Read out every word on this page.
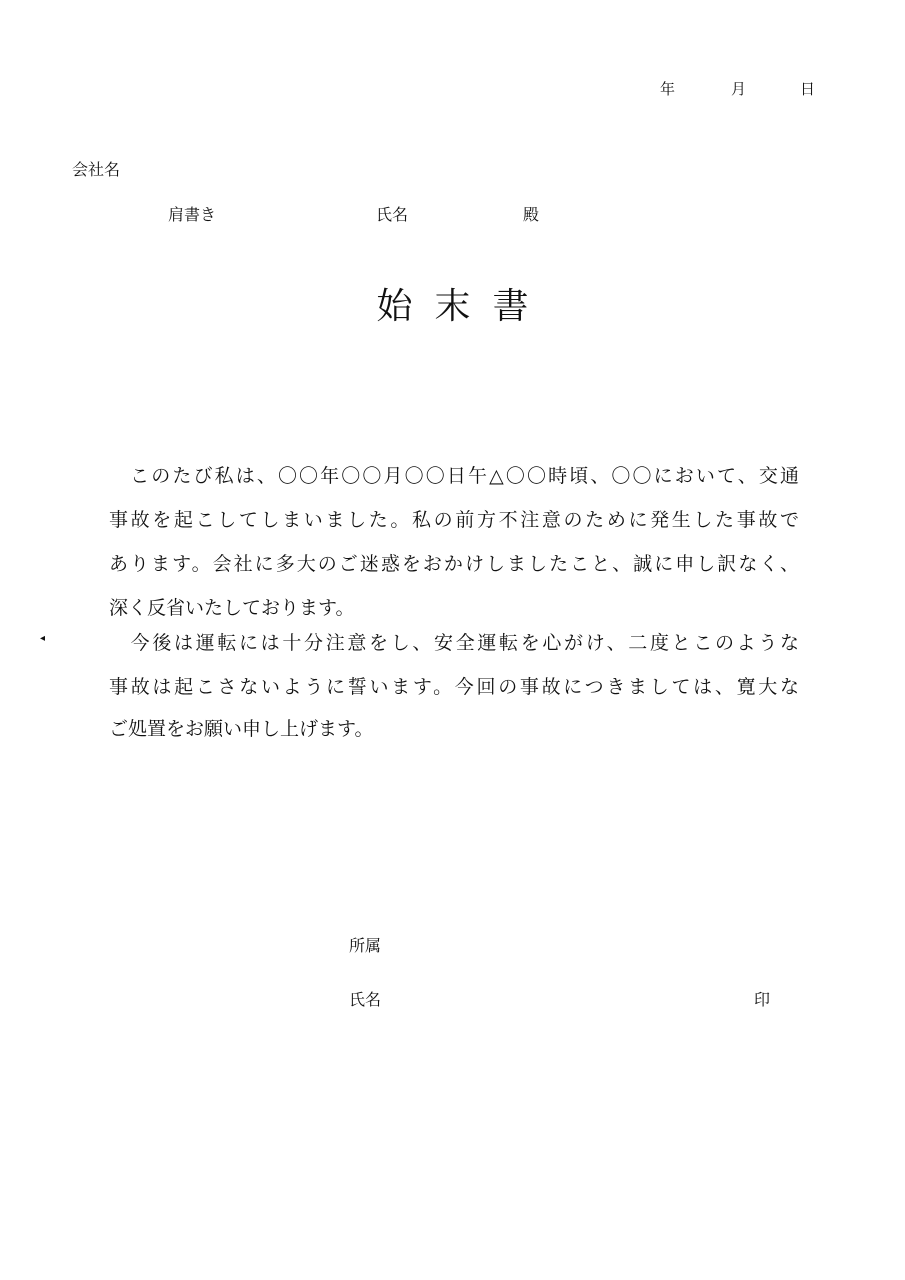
年	月	日
会社名
肩書き	氏名	殿
始末書
　このたび私は、〇〇年〇〇月〇〇日午△〇〇時頃、〇〇において、交通
事故を起こしてしまいました。私の前方不注意のために発生した事故で
あります。会社に多大のご迷惑をおかけしましたこと、誠に申し訳なく、
深く反省いたしております。
◂	　今後は運転には十分注意をし、安全運転を心がけ、二度とこのような
事故は起こさないように誓います。今回の事故につきましては、寛大な
ご処置をお願い申し上げます。
所属
氏名	印
